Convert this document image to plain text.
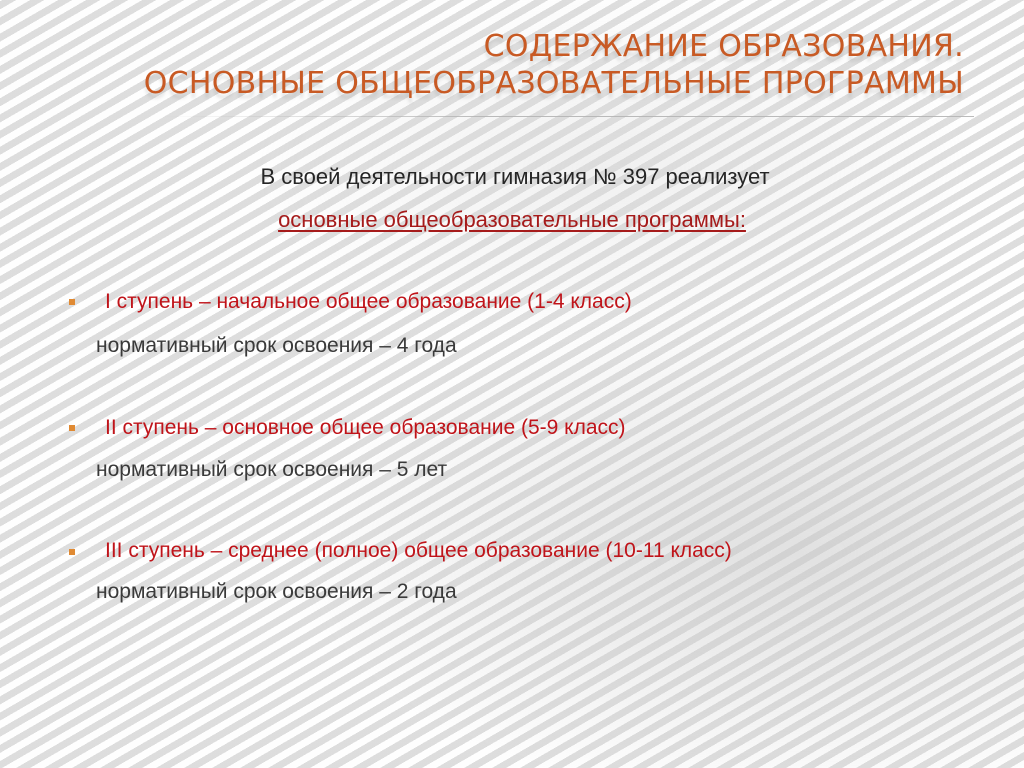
СОДЕРЖАНИЕ ОБРАЗОВАНИЯ.
ОСНОВНЫЕ ОБЩЕОБРАЗОВАТЕЛЬНЫЕ ПРОГРАММЫ
В своей деятельности гимназия № 397 реализует
основные общеобразовательные программы:
I ступень – начальное общее образование (1-4 класс)
нормативный срок освоения – 4 года
II ступень – основное общее образование (5-9 класс)
нормативный срок освоения – 5 лет
III ступень – среднее (полное) общее образование (10-11 класс)
нормативный срок освоения – 2 года
